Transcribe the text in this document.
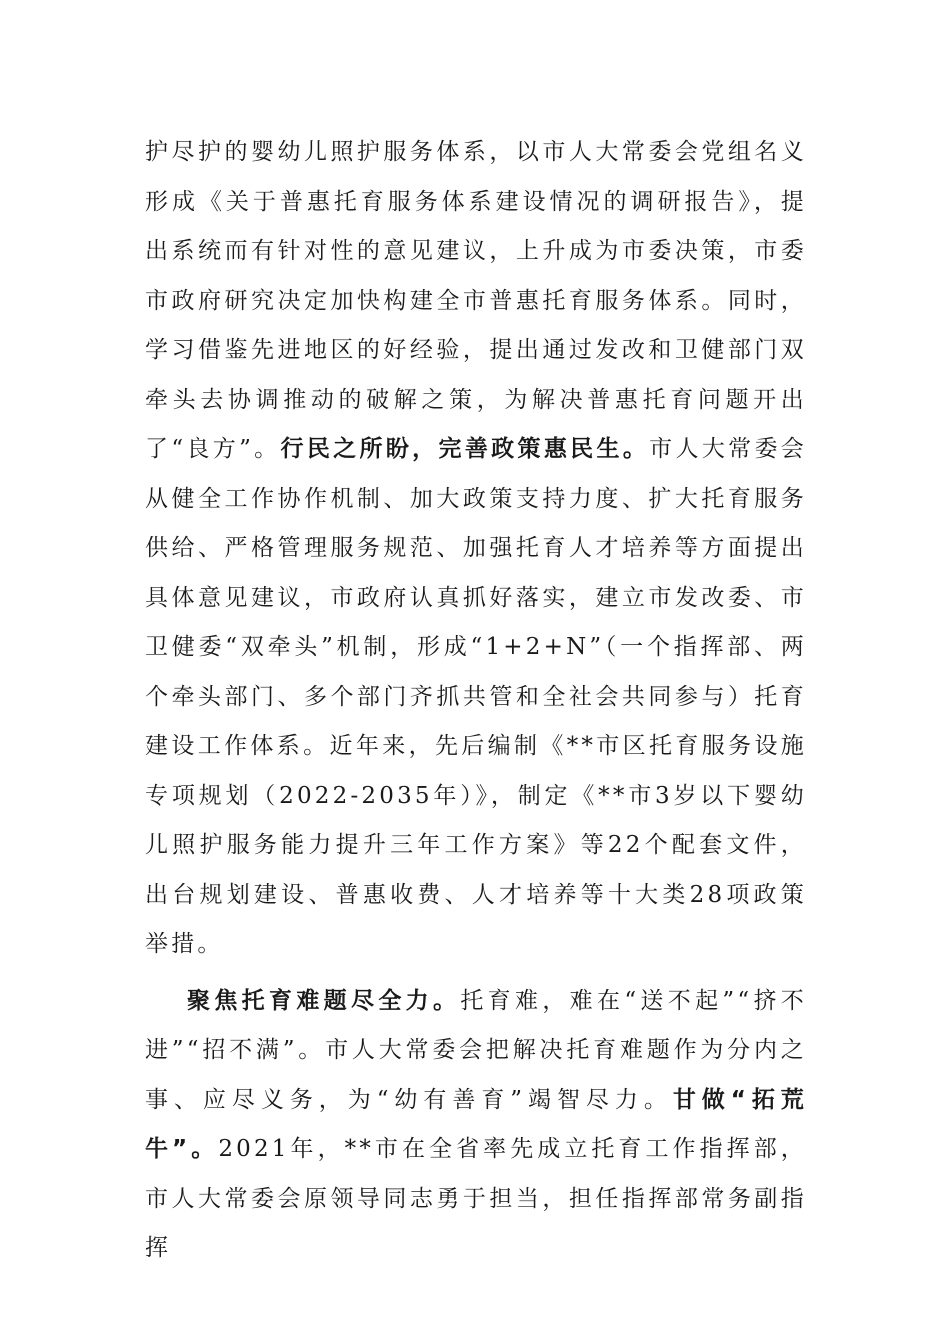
护尽护的婴幼儿照护服务体系，以市人大常委会党组名义形成《关于普惠托育服务体系建设情况的调研报告》，提出系统而有针对性的意见建议，上升成为市委决策，市委市政府研究决定加快构建全市普惠托育服务体系。同时，学习借鉴先进地区的好经验，提出通过发改和卫健部门双牵头去协调推动的破解之策，为解决普惠托育问题开出了“良方”。行民之所盼，完善政策惠民生。市人大常委会从健全工作协作机制、加大政策支持力度、扩大托育服务供给、严格管理服务规范、加强托育人才培养等方面提出具体意见建议，市政府认真抓好落实，建立市发改委、市卫健委“双牵头”机制，形成“1+2+N”（一个指挥部、两个牵头部门、多个部门齐抓共管和全社会共同参与）托育建设工作体系。近年来，先后编制《**市区托育服务设施专项规划（2022-2035年）》，制定《**市3岁以下婴幼儿照护服务能力提升三年工作方案》等22个配套文件，出台规划建设、普惠收费、人才培养等十大类28项政策举措。

聚焦托育难题尽全力。托育难，难在“送不起”“挤不进”“招不满”。市人大常委会把解决托育难题作为分内之事、应尽义务，为“幼有善育”竭智尽力。甘做“拓荒牛”。2021年，**市在全省率先成立托育工作指挥部，市人大常委会原领导同志勇于担当，担任指挥部常务副指挥
